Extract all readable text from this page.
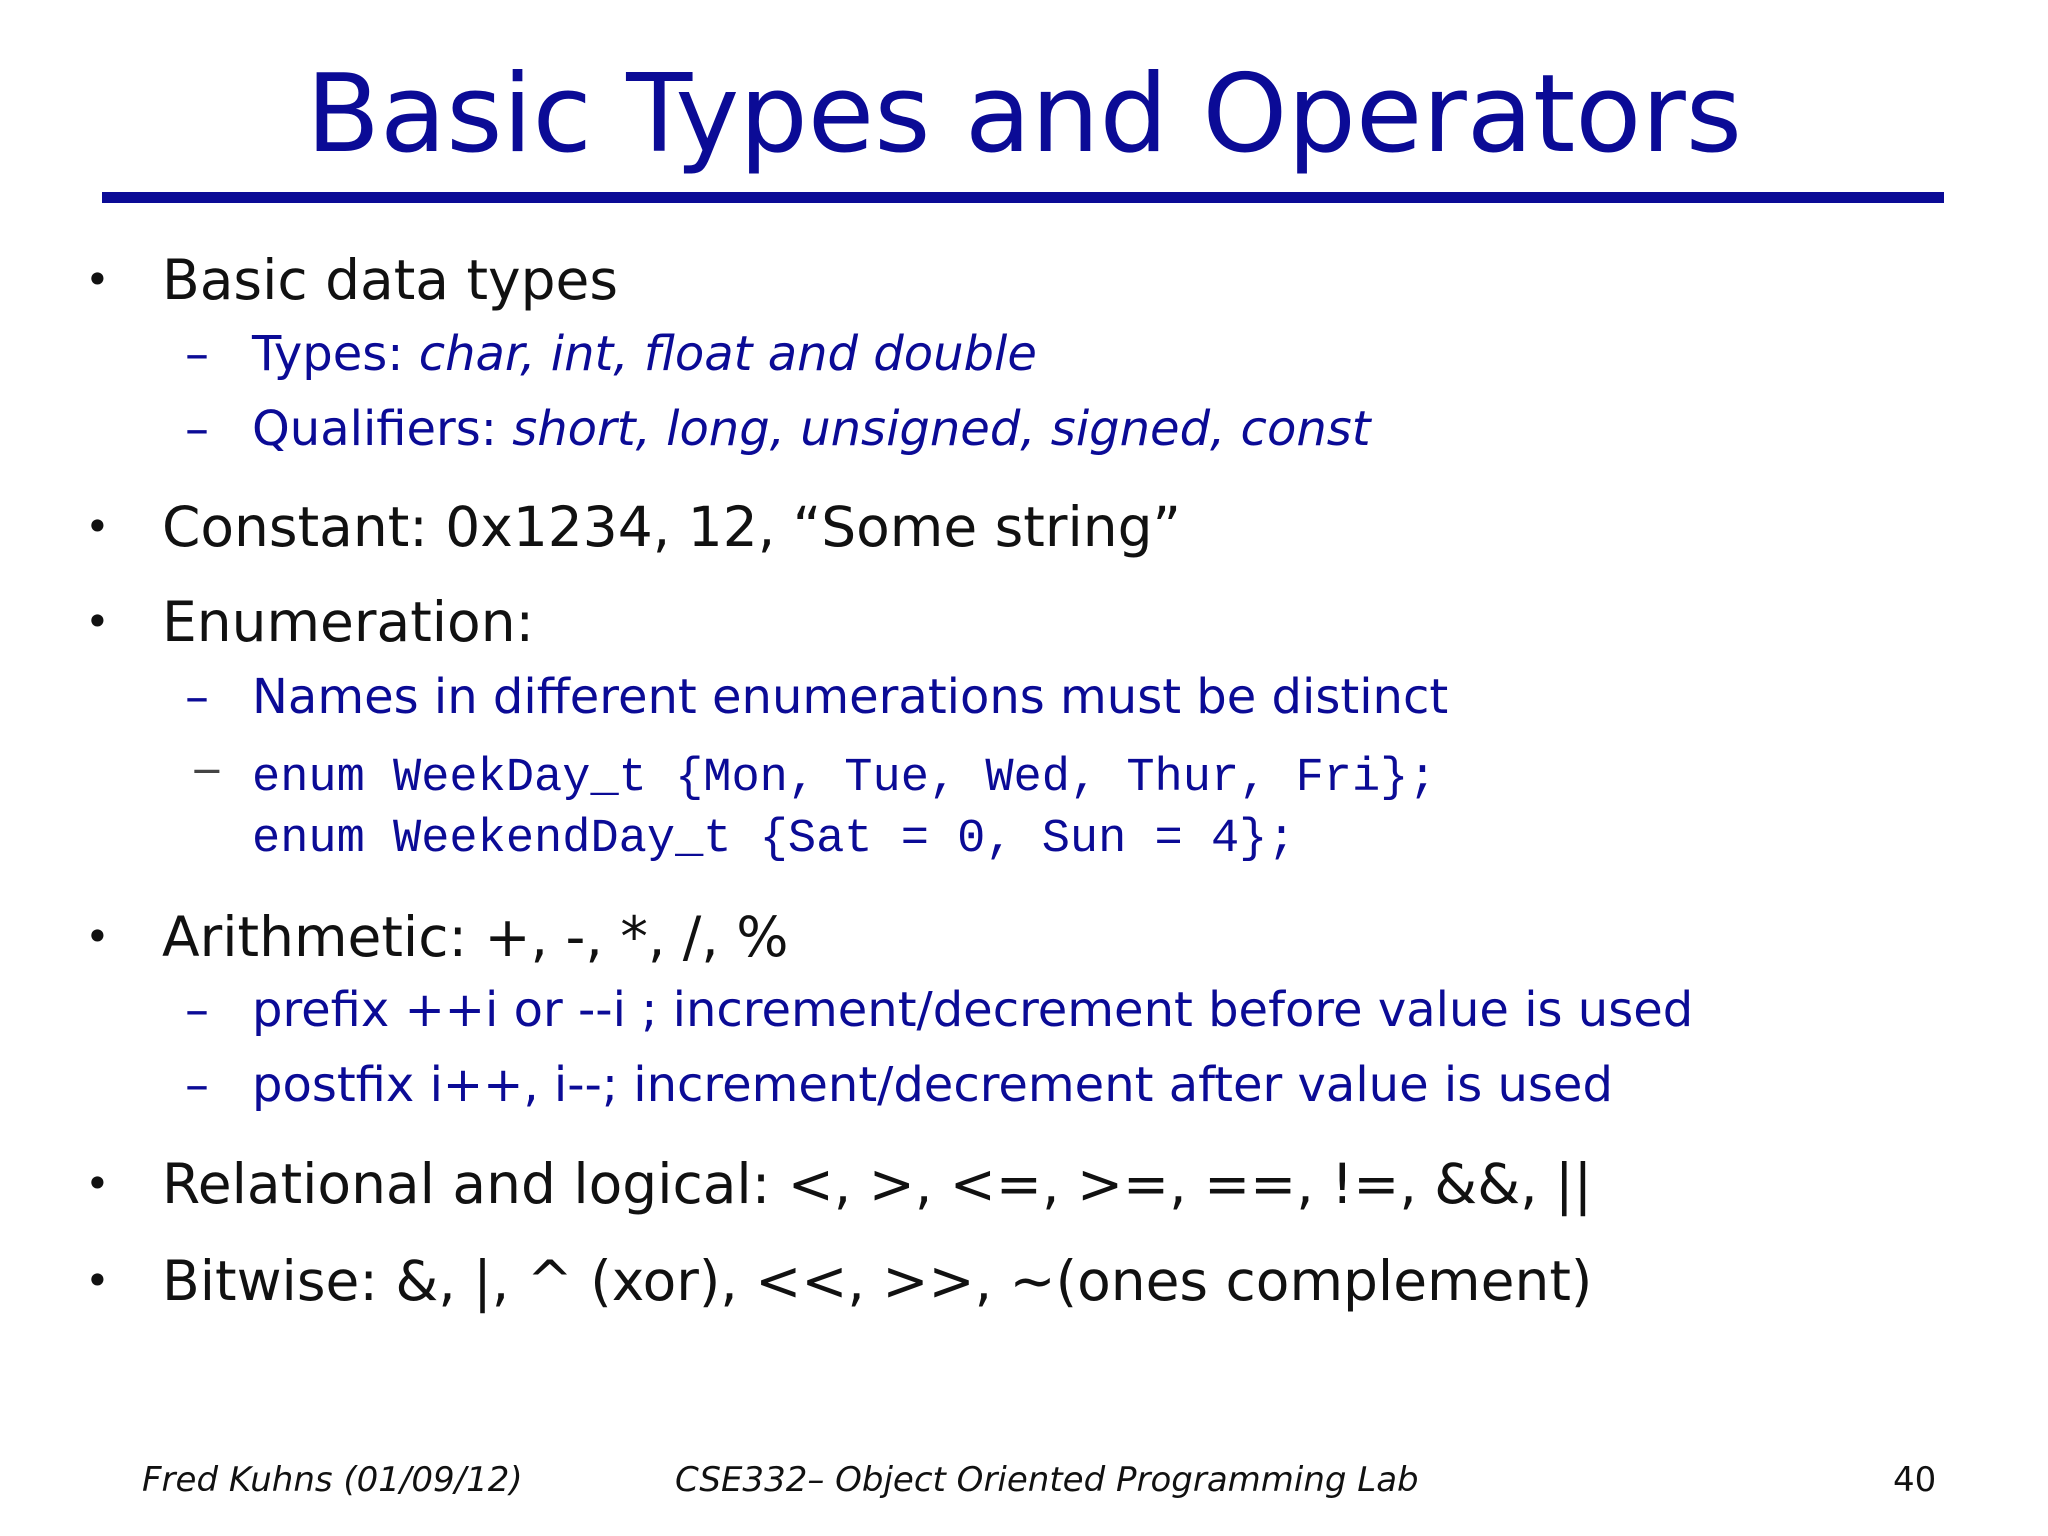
Basic Types and Operators
• Basic data types
– Types: char, int, float and double
– Qualifiers: short, long, unsigned, signed, const
• Constant: 0x1234, 12, “Some string”
• Enumeration:
– Names in different enumerations must be distinct
− enum WeekDay_t {Mon, Tue, Wed, Thur, Fri};
enum WeekendDay_t {Sat = 0, Sun = 4};
• Arithmetic: +, -, *, /, %
– prefix ++i or --i ; increment/decrement before value is used
– postfix i++, i--; increment/decrement after value is used
• Relational and logical: <, >, <=, >=, ==, !=, &&, ||
• Bitwise: &, |, ^ (xor), <<, >>, ~(ones complement)
Fred Kuhns (01/09/12)	CSE332– Object Oriented Programming Lab	40
